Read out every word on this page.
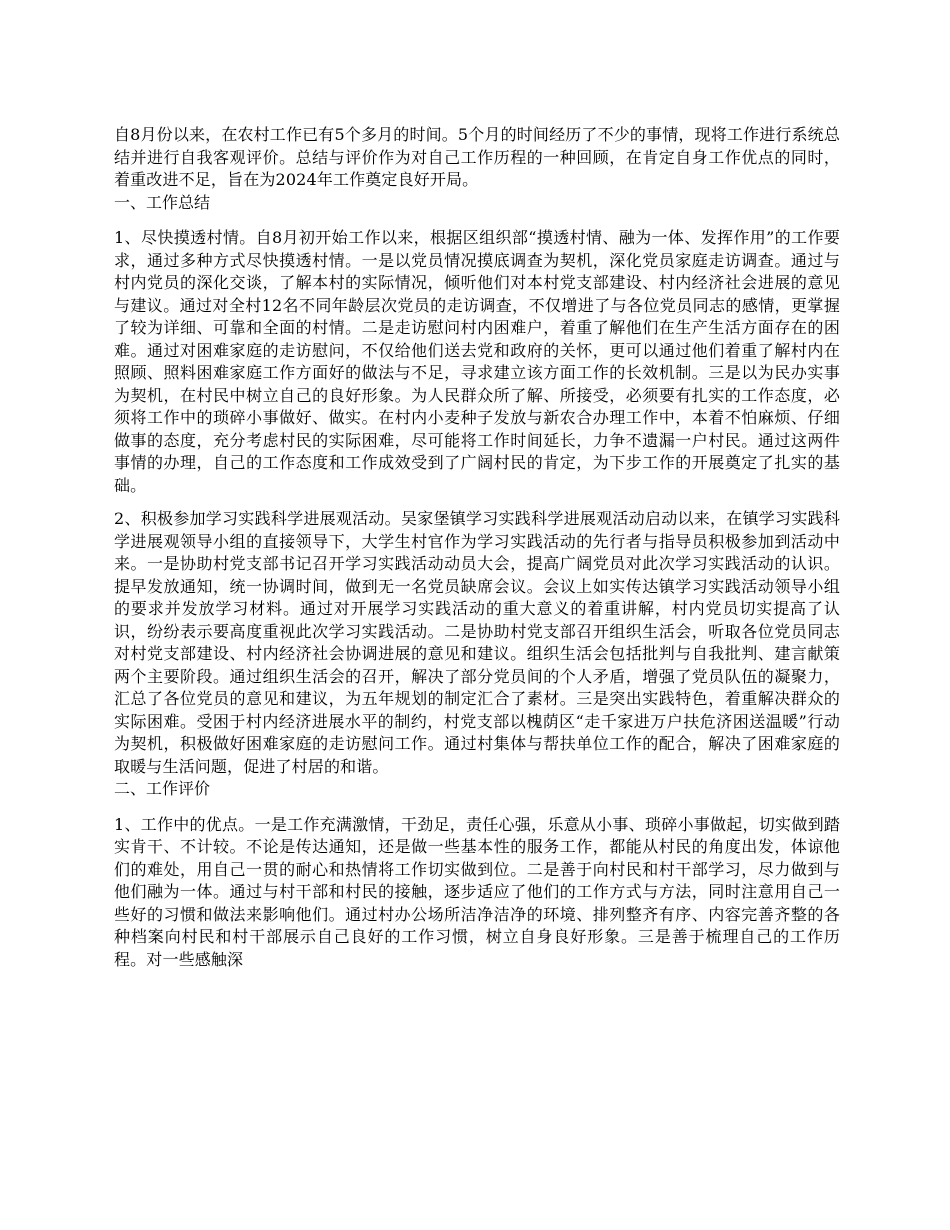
自8月份以来，在农村工作已有5个多月的时间。5个月的时间经历了不少的事情，现将工作进行系统总结并进行自我客观评价。总结与评价作为对自己工作历程的一种回顾，在肯定自身工作优点的同时，着重改进不足，旨在为2024年工作奠定良好开局。

一、工作总结

1、尽快摸透村情。自8月初开始工作以来，根据区组织部“摸透村情、融为一体、发挥作用”的工作要求，通过多种方式尽快摸透村情。一是以党员情况摸底调查为契机，深化党员家庭走访调查。通过与村内党员的深化交谈，了解本村的实际情况，倾听他们对本村党支部建设、村内经济社会进展的意见与建议。通过对全村12名不同年龄层次党员的走访调查，不仅增进了与各位党员同志的感情，更掌握了较为详细、可靠和全面的村情。二是走访慰问村内困难户，着重了解他们在生产生活方面存在的困难。通过对困难家庭的走访慰问，不仅给他们送去党和政府的关怀，更可以通过他们着重了解村内在照顾、照料困难家庭工作方面好的做法与不足，寻求建立该方面工作的长效机制。三是以为民办实事为契机，在村民中树立自己的良好形象。为人民群众所了解、所接受，必须要有扎实的工作态度，必须将工作中的琐碎小事做好、做实。在村内小麦种子发放与新农合办理工作中，本着不怕麻烦、仔细做事的态度，充分考虑村民的实际困难，尽可能将工作时间延长，力争不遗漏一户村民。通过这两件事情的办理，自己的工作态度和工作成效受到了广阔村民的肯定，为下步工作的开展奠定了扎实的基础。

2、积极参加学习实践科学进展观活动。吴家堡镇学习实践科学进展观活动启动以来，在镇学习实践科学进展观领导小组的直接领导下，大学生村官作为学习实践活动的先行者与指导员积极参加到活动中来。一是协助村党支部书记召开学习实践活动动员大会，提高广阔党员对此次学习实践活动的认识。提早发放通知，统一协调时间，做到无一名党员缺席会议。会议上如实传达镇学习实践活动领导小组的要求并发放学习材料。通过对开展学习实践活动的重大意义的着重讲解，村内党员切实提高了认识，纷纷表示要高度重视此次学习实践活动。二是协助村党支部召开组织生活会，听取各位党员同志对村党支部建设、村内经济社会协调进展的意见和建议。组织生活会包括批判与自我批判、建言献策两个主要阶段。通过组织生活会的召开，解决了部分党员间的个人矛盾，增强了党员队伍的凝聚力，汇总了各位党员的意见和建议，为五年规划的制定汇合了素材。三是突出实践特色，着重解决群众的实际困难。受困于村内经济进展水平的制约，村党支部以槐荫区“走千家进万户扶危济困送温暖”行动为契机，积极做好困难家庭的走访慰问工作。通过村集体与帮扶单位工作的配合，解决了困难家庭的取暖与生活问题，促进了村居的和谐。

二、工作评价

1、工作中的优点。一是工作充满激情，干劲足，责任心强，乐意从小事、琐碎小事做起，切实做到踏实肯干、不计较。不论是传达通知，还是做一些基本性的服务工作，都能从村民的角度出发，体谅他们的难处，用自己一贯的耐心和热情将工作切实做到位。二是善于向村民和村干部学习，尽力做到与他们融为一体。通过与村干部和村民的接触，逐步适应了他们的工作方式与方法，同时注意用自己一些好的习惯和做法来影响他们。通过村办公场所洁净洁净的环境、排列整齐有序、内容完善齐整的各种档案向村民和村干部展示自己良好的工作习惯，树立自身良好形象。三是善于梳理自己的工作历程。对一些感触深
